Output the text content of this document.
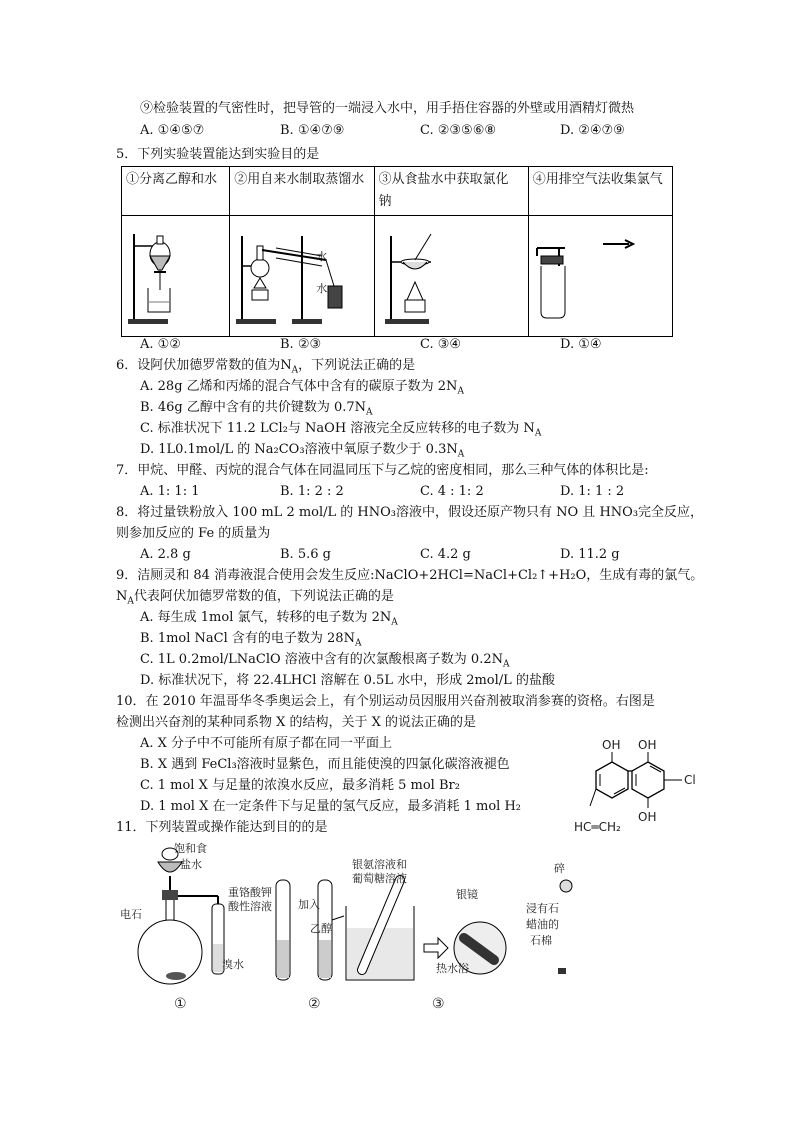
⑨检验装置的气密性时，把导管的一端浸入水中，用手捂住容器的外壁或用酒精灯微热
A. ①④⑤⑦	B. ①④⑦⑨	C. ②③⑤⑥⑧	D. ②④⑦⑨
5．下列实验装置能达到实验目的是
①分离乙醇和水	②用自来水制取蒸馏水	③从食盐水中获取氯化钠	④用排空气法收集氯气

水
水

A. ①②	B. ②③	C. ③④	D. ①④
6．设阿伏加德罗常数的值为$N_A$，下列说法正确的是
A. 28g 乙烯和丙烯的混合气体中含有的碳原子数为 $2N_A$
B. 46g 乙醇中含有的共价键数为 $0.7N_A$
C. 标准状况下 11.2 LCl₂与 NaOH 溶液完全反应转移的电子数为 $N_A$
D. 1L0.1mol/L 的 Na₂CO₃溶液中氧原子数少于 $0.3N_A$
7．甲烷、甲醛、丙烷的混合气体在同温同压下与乙烷的密度相同，那么三种气体的体积比是:
A. 1: 1: 1	B. 1: 2 : 2	C. 4 : 1: 2	D. 1: 1 : 2
8．将过量铁粉放入 100 mL 2 mol/L 的 HNO₃溶液中，假设还原产物只有 NO 且 HNO₃完全反应，
则参加反应的 Fe 的质量为
A. 2.8 g	B. 5.6 g	C. 4.2 g	D. 11.2 g
9．洁厕灵和 84 消毒液混合使用会发生反应:NaClO+2HCl=NaCl+Cl₂↑+H₂O，生成有毒的氯气。
$N_A$代表阿伏加德罗常数的值，下列说法正确的是
A. 每生成 1mol 氯气，转移的电子数为 $2N_A$
B. 1mol NaCl 含有的电子数为 $28N_A$
C. 1L 0.2mol/LNaClO 溶液中含有的次氯酸根离子数为 $0.2N_A$
D. 标准状况下，将 22.4LHCl 溶解在 0.5L 水中，形成 2mol/L 的盐酸
10．在 2010 年温哥华冬季奥运会上，有个别运动员因服用兴奋剂被取消参赛的资格。右图是
检测出兴奋剂的某种同系物 X 的结构，关于 X 的说法正确的是
A. X 分子中不可能所有原子都在同一平面上
B. X 遇到 FeCl₃溶液时显紫色，而且能使溴的四氯化碳溶液褪色
C. 1 mol X 与足量的浓溴水反应，最多消耗 5 mol Br₂
D. 1 mol X 在一定条件下与足量的氢气反应，最多消耗 1 mol H₂
OH OH
Cl
OH
HC═CH₂
11．下列装置或操作能达到目的的是
饱和食
盐水
电石
溴水
重铬酸钾
酸性溶液 加入
乙醇
银氨溶液和
葡萄糖溶液
银镜
热水浴
碎
浸有石
蜡油的
石棉
①	②	③
